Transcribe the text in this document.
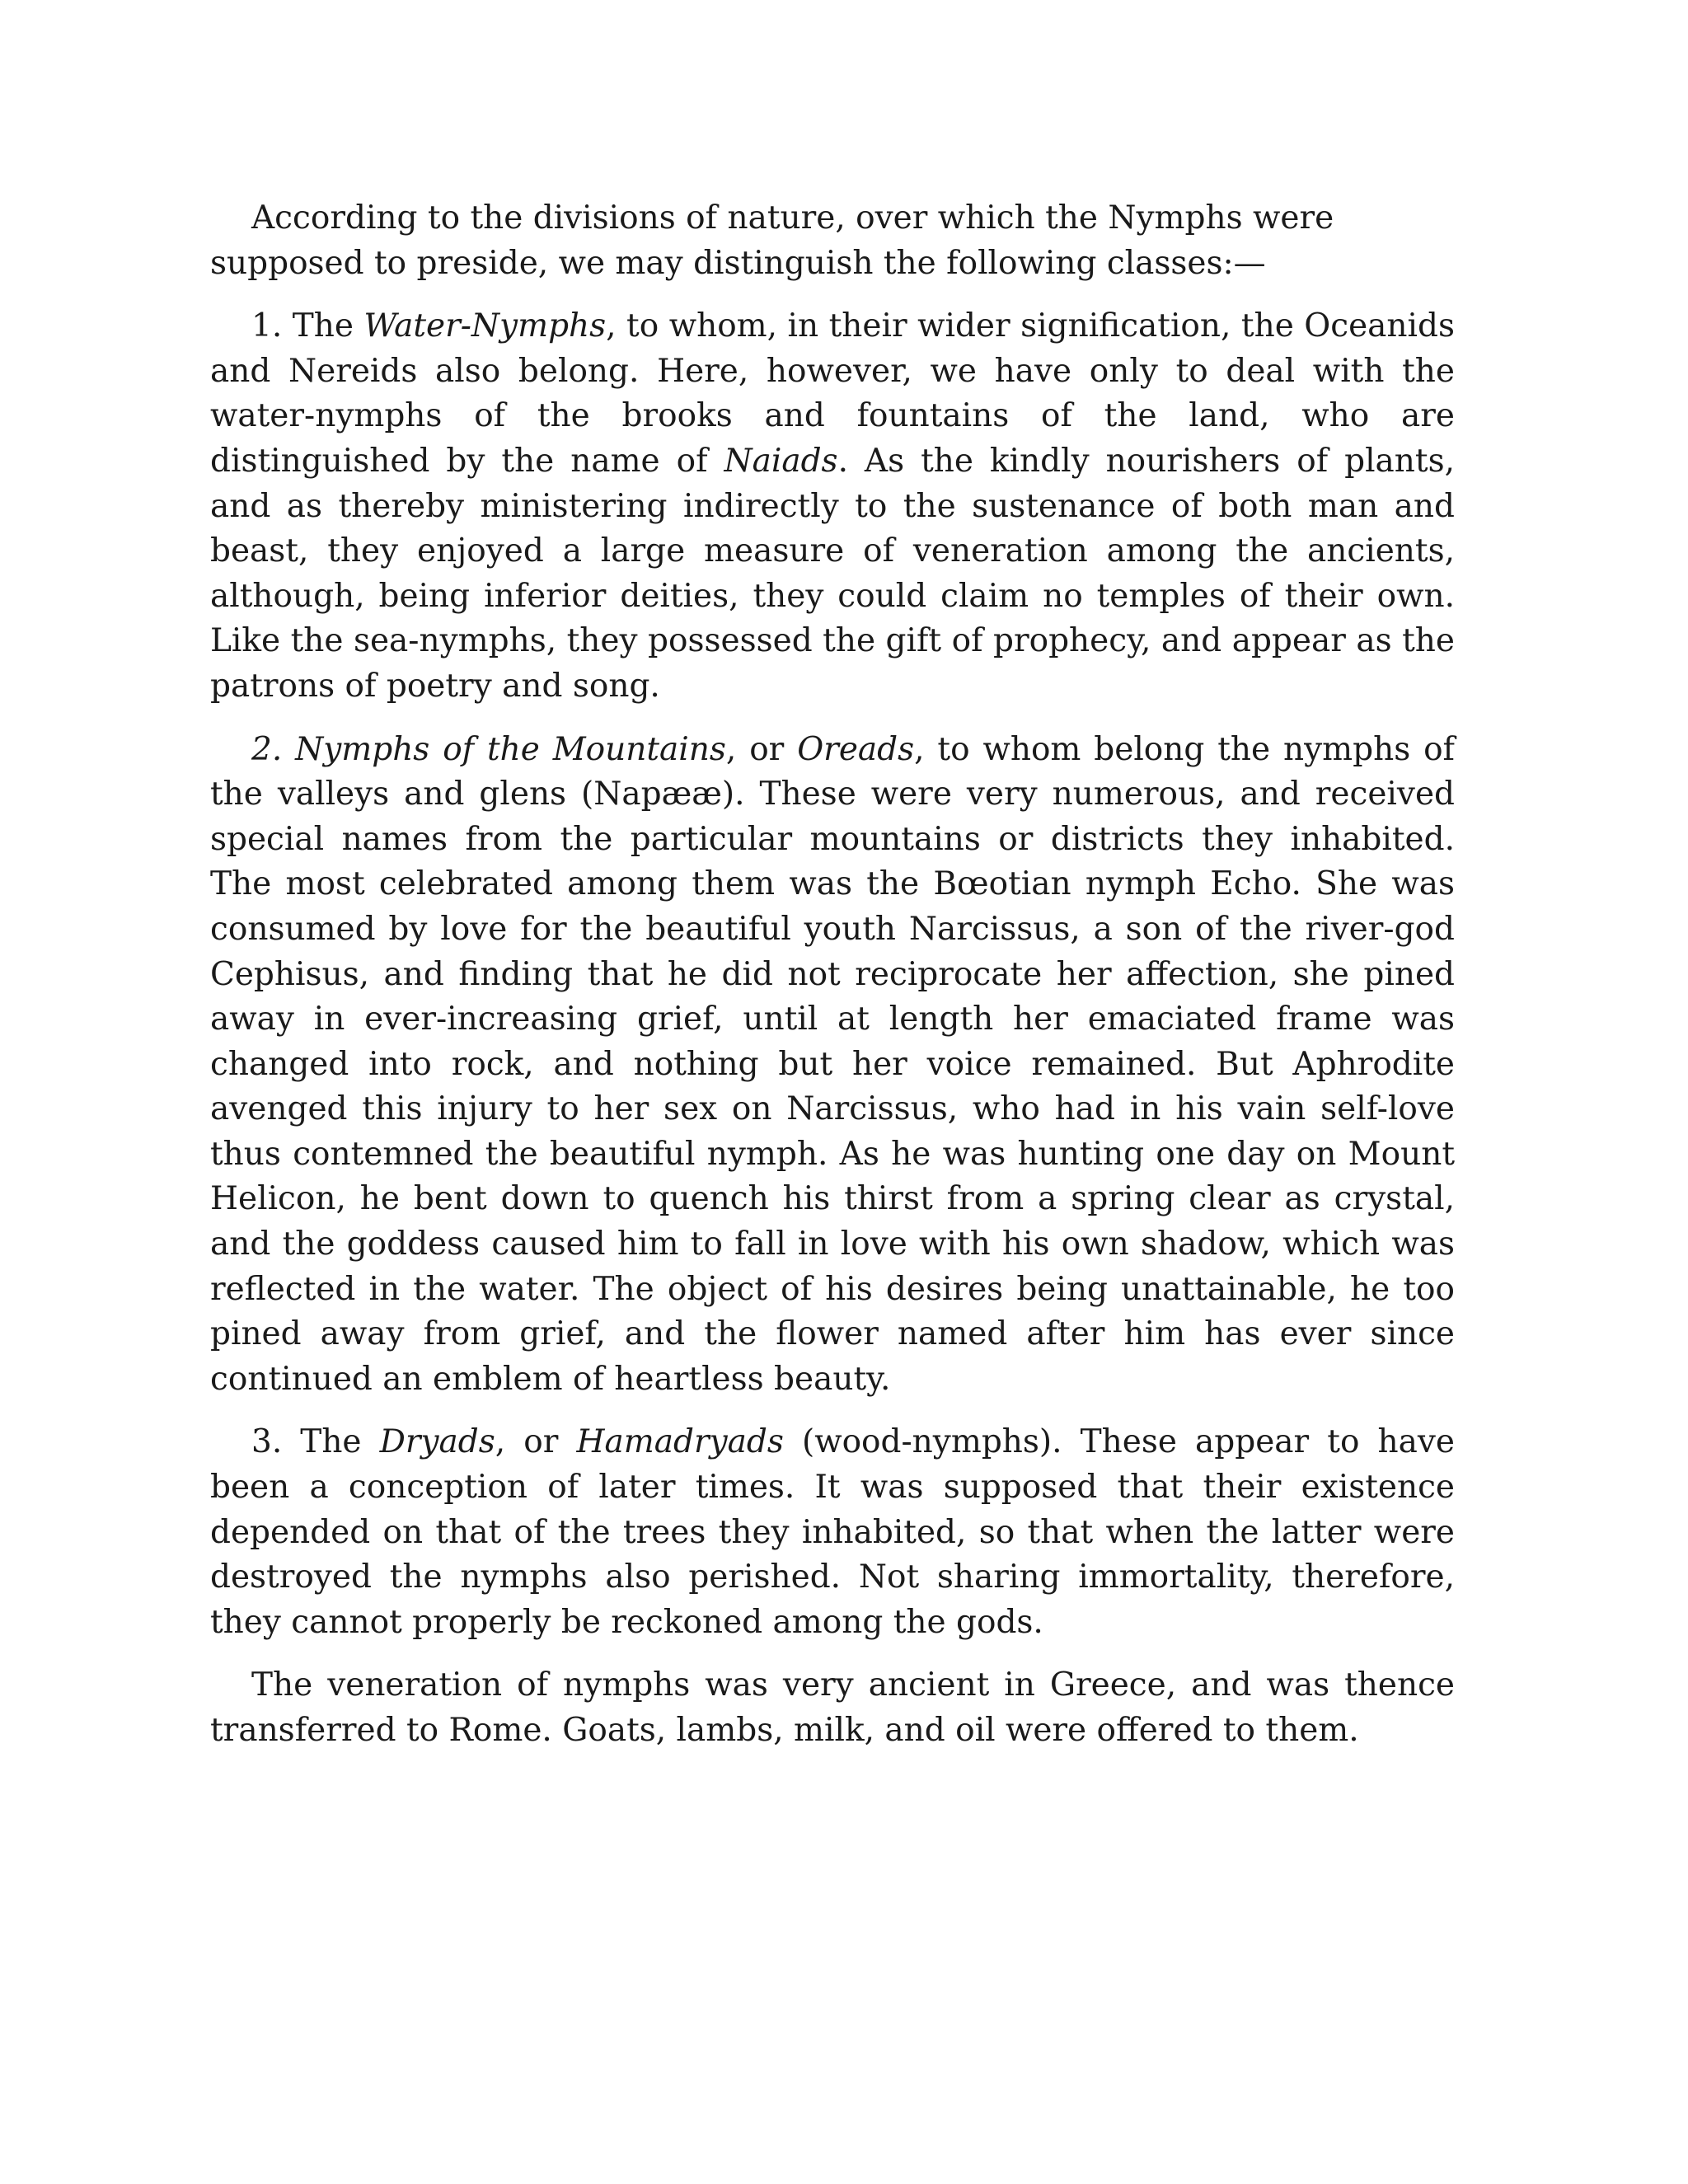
According to the divisions of nature, over which the Nymphs were supposed to preside, we may distinguish the following classes:—

1. The Water-Nymphs, to whom, in their wider signification, the Oceanids and Nereids also belong. Here, however, we have only to deal with the water-nymphs of the brooks and fountains of the land, who are distinguished by the name of Naiads. As the kindly nourishers of plants, and as thereby ministering indirectly to the sustenance of both man and beast, they enjoyed a large measure of veneration among the ancients, although, being inferior deities, they could claim no temples of their own. Like the sea-nymphs, they possessed the gift of prophecy, and appear as the patrons of poetry and song.

2. Nymphs of the Mountains, or Oreads, to whom belong the nymphs of the valleys and glens (Napææ). These were very numerous, and received special names from the particular mountains or districts they inhabited. The most celebrated among them was the Bœotian nymph Echo. She was consumed by love for the beautiful youth Narcissus, a son of the river-god Cephisus, and finding that he did not reciprocate her affection, she pined away in ever-increasing grief, until at length her emaciated frame was changed into rock, and nothing but her voice remained. But Aphrodite avenged this injury to her sex on Narcissus, who had in his vain self-love thus contemned the beautiful nymph. As he was hunting one day on Mount Helicon, he bent down to quench his thirst from a spring clear as crystal, and the goddess caused him to fall in love with his own shadow, which was reflected in the water. The object of his desires being unattainable, he too pined away from grief, and the flower named after him has ever since continued an emblem of heartless beauty.

3. The Dryads, or Hamadryads (wood-nymphs). These appear to have been a conception of later times. It was supposed that their existence depended on that of the trees they inhabited, so that when the latter were destroyed the nymphs also perished. Not sharing immortality, therefore, they cannot properly be reckoned among the gods.

The veneration of nymphs was very ancient in Greece, and was thence transferred to Rome. Goats, lambs, milk, and oil were offered to them.
